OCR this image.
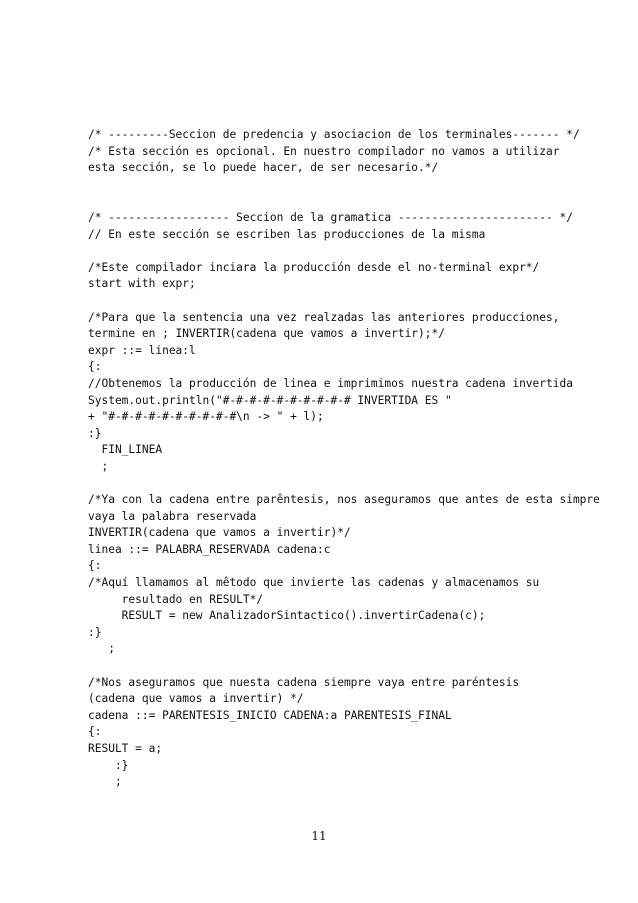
/* ---------Seccion de predencia y asociacion de los terminales------- */
/* Esta sección es opcional. En nuestro compilador no vamos a utilizar
esta sección, se lo puede hacer, de ser necesario.*/
/* ------------------ Seccion de la gramatica ----------------------- */
// En este sección se escriben las producciones de la misma
/*Este compilador inciara la producción desde el no-terminal expr*/
start with expr;
/*Para que la sentencia una vez realzadas las anteriores producciones,
termine en ; INVERTIR(cadena que vamos a invertir);*/
expr ::= linea:l
{:
//Obtenemos la producción de linea e imprimimos nuestra cadena invertida
System.out.println("#-#-#-#-#-#-#-#-#-# INVERTIDA ES "
+ "#-#-#-#-#-#-#-#-#-#\n -> " + l);
:}
FIN_LINEA
;
/*Ya con la cadena entre parêntesis, nos aseguramos que antes de esta simpre
vaya la palabra reservada
INVERTIR(cadena que vamos a invertir)*/
linea ::= PALABRA_RESERVADA cadena:c
{:
/*Aquí llamamos al mêtodo que invierte las cadenas y almacenamos su
resultado en RESULT*/
RESULT = new AnalizadorSintactico().invertirCadena(c);
:}
;
/*Nos aseguramos que nuesta cadena siempre vaya entre paréntesis
(cadena que vamos a invertir) */
cadena ::= PARENTESIS_INICIO CADENA:a PARENTESIS_FINAL
{:
RESULT = a;
:}
;
11
